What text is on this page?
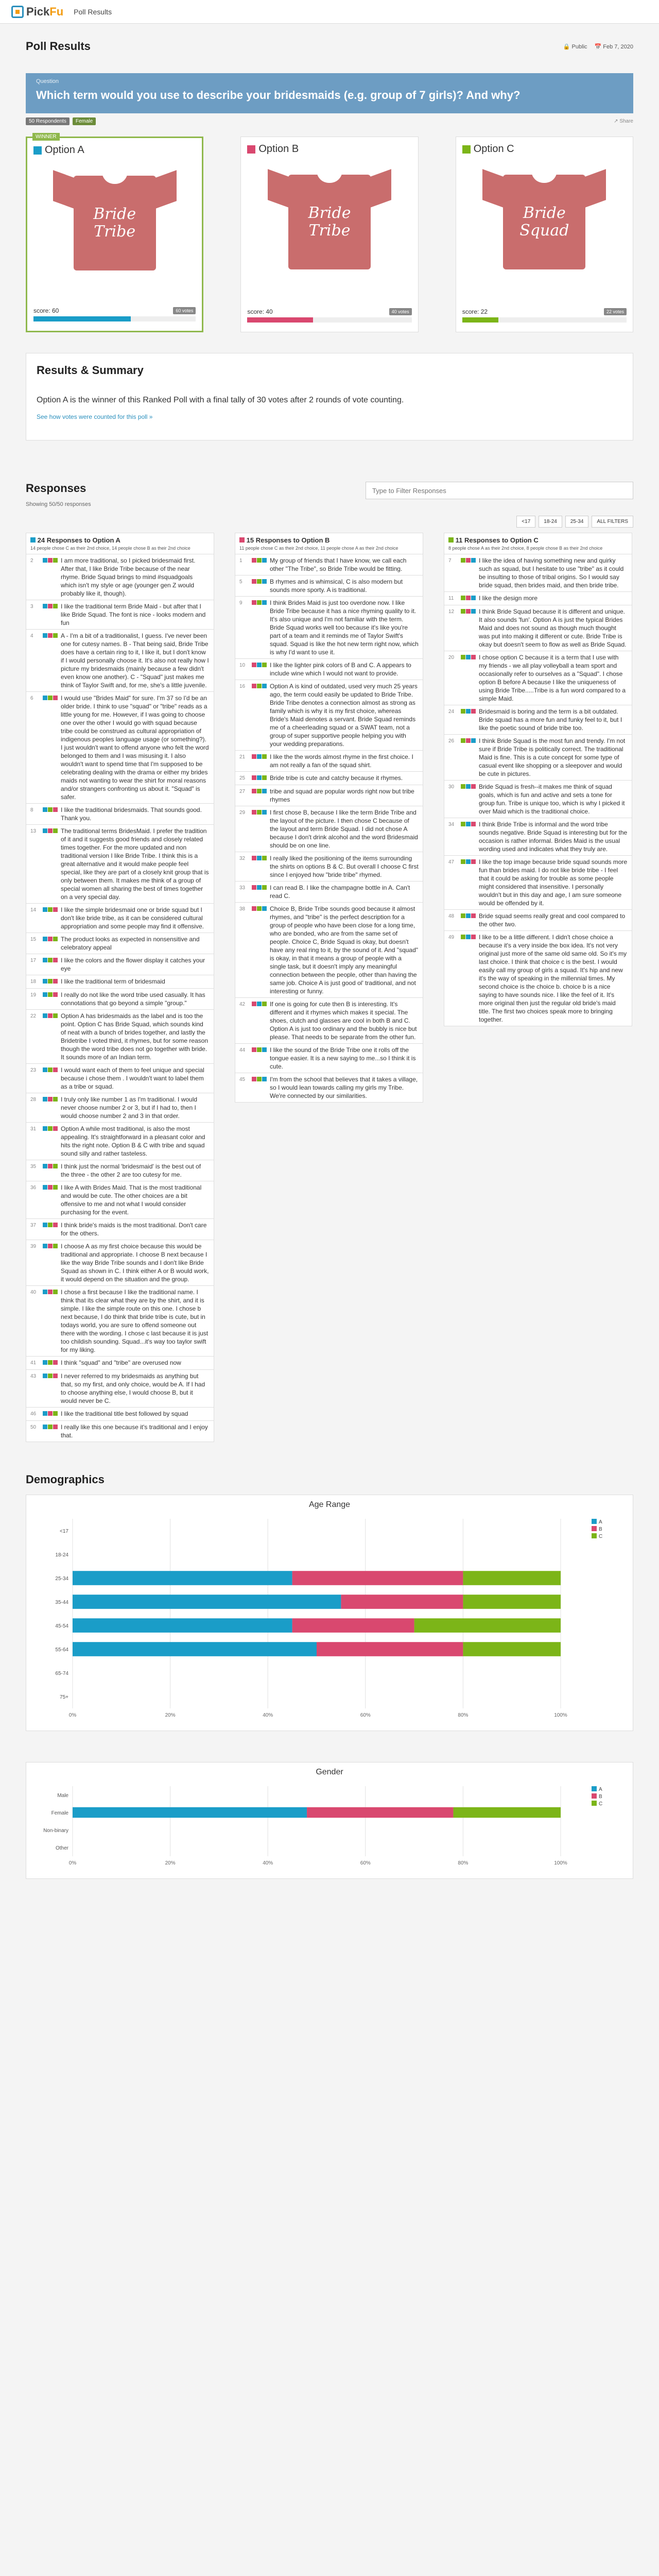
Pick Fu Poll Results
Poll Results	🔒 Public 📅 Feb 7, 2020
Question
Which term would you use to describe your bridesmaids (e.g. group of 7 girls)? And why?
50 Respondents	Female	↗ Share
WINNER
Option A
Bride Tribe
score: 60	60 votes
Option B
Bride Tribe
score: 40	40 votes
Option C
Bride Squad
score: 22	22 votes
Results & Summary
Option A is the winner of this Ranked Poll with a final tally of 30 votes after 2 rounds of vote counting.
See how votes were counted for this poll »
Responses
Showing 50/50 responses
Type to Filter Responses
<17	18-24	25-34	ALL FILTERS
24 Responses to Option A
14 people chose C as their 2nd choice, 14 people chose B as their 2nd choice
2	I am more traditional, so I picked bridesmaid first. After that, I like Bride Tribe because of the near rhyme. Bride Squad brings to mind #squadgoals which isn't my style or age (younger gen Z would probably like it, though).
3	I like the traditional term Bride Maid - but after that I like Bride Squad. The font is nice - looks modern and fun
4	A - I'm a bit of a traditionalist, I guess. I've never been one for cutesy names. B - That being said, Bride Tribe does have a certain ring to it, I like it, but I don't know if I would personally choose it. It's also not really how I picture my bridesmaids (mainly because a few didn't even know one another). C - "Squad" just makes me think of Taylor Swift and, for me, she's a little juvenile.
6	I would use "Brides Maid" for sure. I'm 37 so I'd be an older bride. I think to use "squad" or "tribe" reads as a little young for me. However, if I was going to choose one over the other I would go with squad because tribe could be construed as cultural appropriation of indigenous peoples language usage (or something?). I just wouldn't want to offend anyone who felt the word belonged to them and I was misusing it. I also wouldn't want to spend time that I'm supposed to be celebrating dealing with the drama or either my brides maids not wanting to wear the shirt for moral reasons and/or strangers confronting us about it. "Squad" is safer.
8	I like the traditional bridesmaids. That sounds good. Thank you.
13	The traditional terms BridesMaid. I prefer the tradition of it and it suggests good friends and closely related times together. For the more updated and non traditional version I like Bride Tribe. I think this is a great alternative and it would make people feel special, like they are part of a closely knit group that is only between them. It makes me think of a group of special women all sharing the best of times together on a very special day.
14	I like the simple bridesmaid one or bride squad but I don't like bride tribe, as it can be considered cultural appropriation and some people may find it offensive.
15	The product looks as expected in nonsensitive and celebratory appeal
17	I like the colors and the flower display it catches your eye
18	I like the traditional term of bridesmaid
19	I really do not like the word tribe used casually. It has connotations that go beyond a simple "group."
22	Option A has bridesmaids as the label and is too the point. Option C has Bride Squad, which sounds kind of neat with a bunch of brides together, and lastly the Bridetribe I voted third, it rhymes, but for some reason though the word tribe does not go together with bride. It sounds more of an Indian term.
23	I would want each of them to feel unique and special because i chose them . I wouldn't want to label them as a tribe or squad.
28	I truly only like number 1 as I'm traditional. I would never choose number 2 or 3, but if I had to, then I would choose number 2 and 3 in that order.
31	Option A while most traditional, is also the most appealing. It's straightforward in a pleasant color and hits the right note. Option B & C with tribe and squad sound silly and rather tasteless.
35	I think just the normal 'bridesmaid' is the best out of the three - the other 2 are too cutesy for me.
36	I like A with Brides Maid. That is the most traditional and would be cute. The other choices are a bit offensive to me and not what I would consider purchasing for the event.
37	I think bride's maids is the most traditional. Don't care for the others.
39	I choose A as my first choice because this would be traditional and appropriate. I choose B next because I like the way Bride Tribe sounds and I don't like Bride Squad as shown in C. I think either A or B would work, it would depend on the situation and the group.
40	I chose a first because I like the traditional name. I think that its clear what they are by the shirt, and it is simple. I like the simple route on this one. I chose b next because, I do think that bride tribe is cute, but in todays world, you are sure to offend someone out there with the wording. I chose c last because it is just too childish sounding. Squad...it's way too taylor swift for my liking.
41	I think "squad" and "tribe" are overused now
43	I never referred to my bridesmaids as anything but that, so my first, and only choice, would be A. If I had to choose anything else, I would choose B, but it would never be C.
46	I like the traditional title best followed by squad
50	I really like this one because it's traditional and I enjoy that.
15 Responses to Option B
11 people chose C as their 2nd choice, 11 people chose A as their 2nd choice
1	My group of friends that I have know, we call each other "The Tribe", so Bride Tribe would be fitting.
5	B rhymes and is whimsical, C is also modern but sounds more sporty. A is traditional.
9	I think Brides Maid is just too overdone now. I like Bride Tribe because it has a nice rhyming quality to it. It's also unique and I'm not familiar with the term. Bride Squad works well too because it's like you're part of a team and it reminds me of Taylor Swift's squad. Squad is like the hot new term right now, which is why I'd want to use it.
10	I like the lighter pink colors of B and C. A appears to include wine which I would not want to provide.
16	Option A is kind of outdated, used very much 25 years ago, the term could easily be updated to Bride Tribe. Bride Tribe denotes a connection almost as strong as family which is why it is my first choice, whereas Bride's Maid denotes a servant. Bride Squad reminds me of a cheerleading squad or a SWAT team, not a group of super supportive people helping you with your wedding preparations.
21	I like the the words almost rhyme in the first choice. I am not really a fan of the squad shirt.
25	Bride tribe is cute and catchy because it rhymes.
27	tribe and squad are popular words right now but tribe rhymes
29	I first chose B, because I like the term Bride Tribe and the layout of the picture. I then chose C because of the layout and term Bride Squad. I did not chose A because I don't drink alcohol and the word Bridesmaid should be on one line.
32	I really liked the positioning of the items surrounding the shirts on options B & C. But overall I choose C first since I enjoyed how "bride tribe" rhymed.
33	I can read B. I like the champagne bottle in A. Can't read C.
38	Choice B, Bride Tribe sounds good because it almost rhymes, and "tribe" is the perfect description for a group of people who have been close for a long time, who are bonded, who are from the same set of people. Choice C, Bride Squad is okay, but doesn't have any real ring to it, by the sound of it. And "squad" is okay, in that it means a group of people with a single task, but it doesn't imply any meaningful connection between the people, other than having the same job. Choice A is just good ol' traditional, and not interesting or funny.
42	If one is going for cute then B is interesting. It's different and it rhymes which makes it special. The shoes, clutch and glasses are cool in both B and C. Option A is just too ordinary and the bubbly is nice but please. That needs to be separate from the other fun.
44	I like the sound of the Bride Tribe one it rolls off the tongue easier. It is a new saying to me...so I think it is cute.
45	I'm from the school that believes that it takes a village, so I would lean towards calling my girls my Tribe. We're connected by our similarities.
11 Responses to Option C
8 people chose A as their 2nd choice, 8 people chose B as their 2nd choice
7	I like the idea of having something new and quirky such as squad, but I hesitate to use "tribe" as it could be insulting to those of tribal origins. So I would say bride squad, then brides maid, and then bride tribe.
11	I like the design more
12	I think Bride Squad because it is different and unique. It also sounds 'fun'. Option A is just the typical Brides Maid and does not sound as though much thought was put into making it different or cute. Bride Tribe is okay but doesn't seem to flow as well as Bride Squad.
20	I chose option C because it is a term that I use with my friends - we all play volleyball a team sport and occasionally refer to ourselves as a "Squad". I chose option B before A because I like the uniqueness of using Bride Tribe.....Tribe is a fun word compared to a simple Maid.
24	Bridesmaid is boring and the term is a bit outdated. Bride squad has a more fun and funky feel to it, but I like the poetic sound of bride tribe too.
26	I think Bride Squad is the most fun and trendy. I'm not sure if Bride Tribe is politically correct. The traditional Maid is fine. This is a cute concept for some type of casual event like shopping or a sleepover and would be cute in pictures.
30	Bride Squad is fresh--it makes me think of squad goals, which is fun and active and sets a tone for group fun. Tribe is unique too, which is why I picked it over Maid which is the traditional choice.
34	I think Bride Tribe is informal and the word tribe sounds negative. Bride Squad is interesting but for the occasion is rather informal. Brides Maid is the usual wording used and indicates what they truly are.
47	I like the top image because bride squad sounds more fun than brides maid. I do not like bride tribe - I feel that it could be asking for trouble as some people might considered that insensitive. I personally wouldn't but in this day and age, I am sure someone would be offended by it.
48	Bride squad seems really great and cool compared to the other two.
49	I like to be a little different. I didn't chose choice a because it's a very inside the box idea. It's not very original just more of the same old same old. So it's my last choice. I think that choice c is the best. I would easily call my group of girls a squad. It's hip and new it's the way of speaking in the millennial times. My second choice is the choice b. choice b is a nice saying to have sounds nice. I like the feel of it. It's more original then just the regular old bride's maid title. The first two choices speak more to bringing together.
Demographics
Age Range
0%	20%	40%	60%	80%	100%
<17
18-24
25-34
35-44
45-54
55-64
65-74
75+
A
B
C
Gender
0%	20%	40%	60%	80%	100%
Male
Female
Non-binary
Other
A
B
C
